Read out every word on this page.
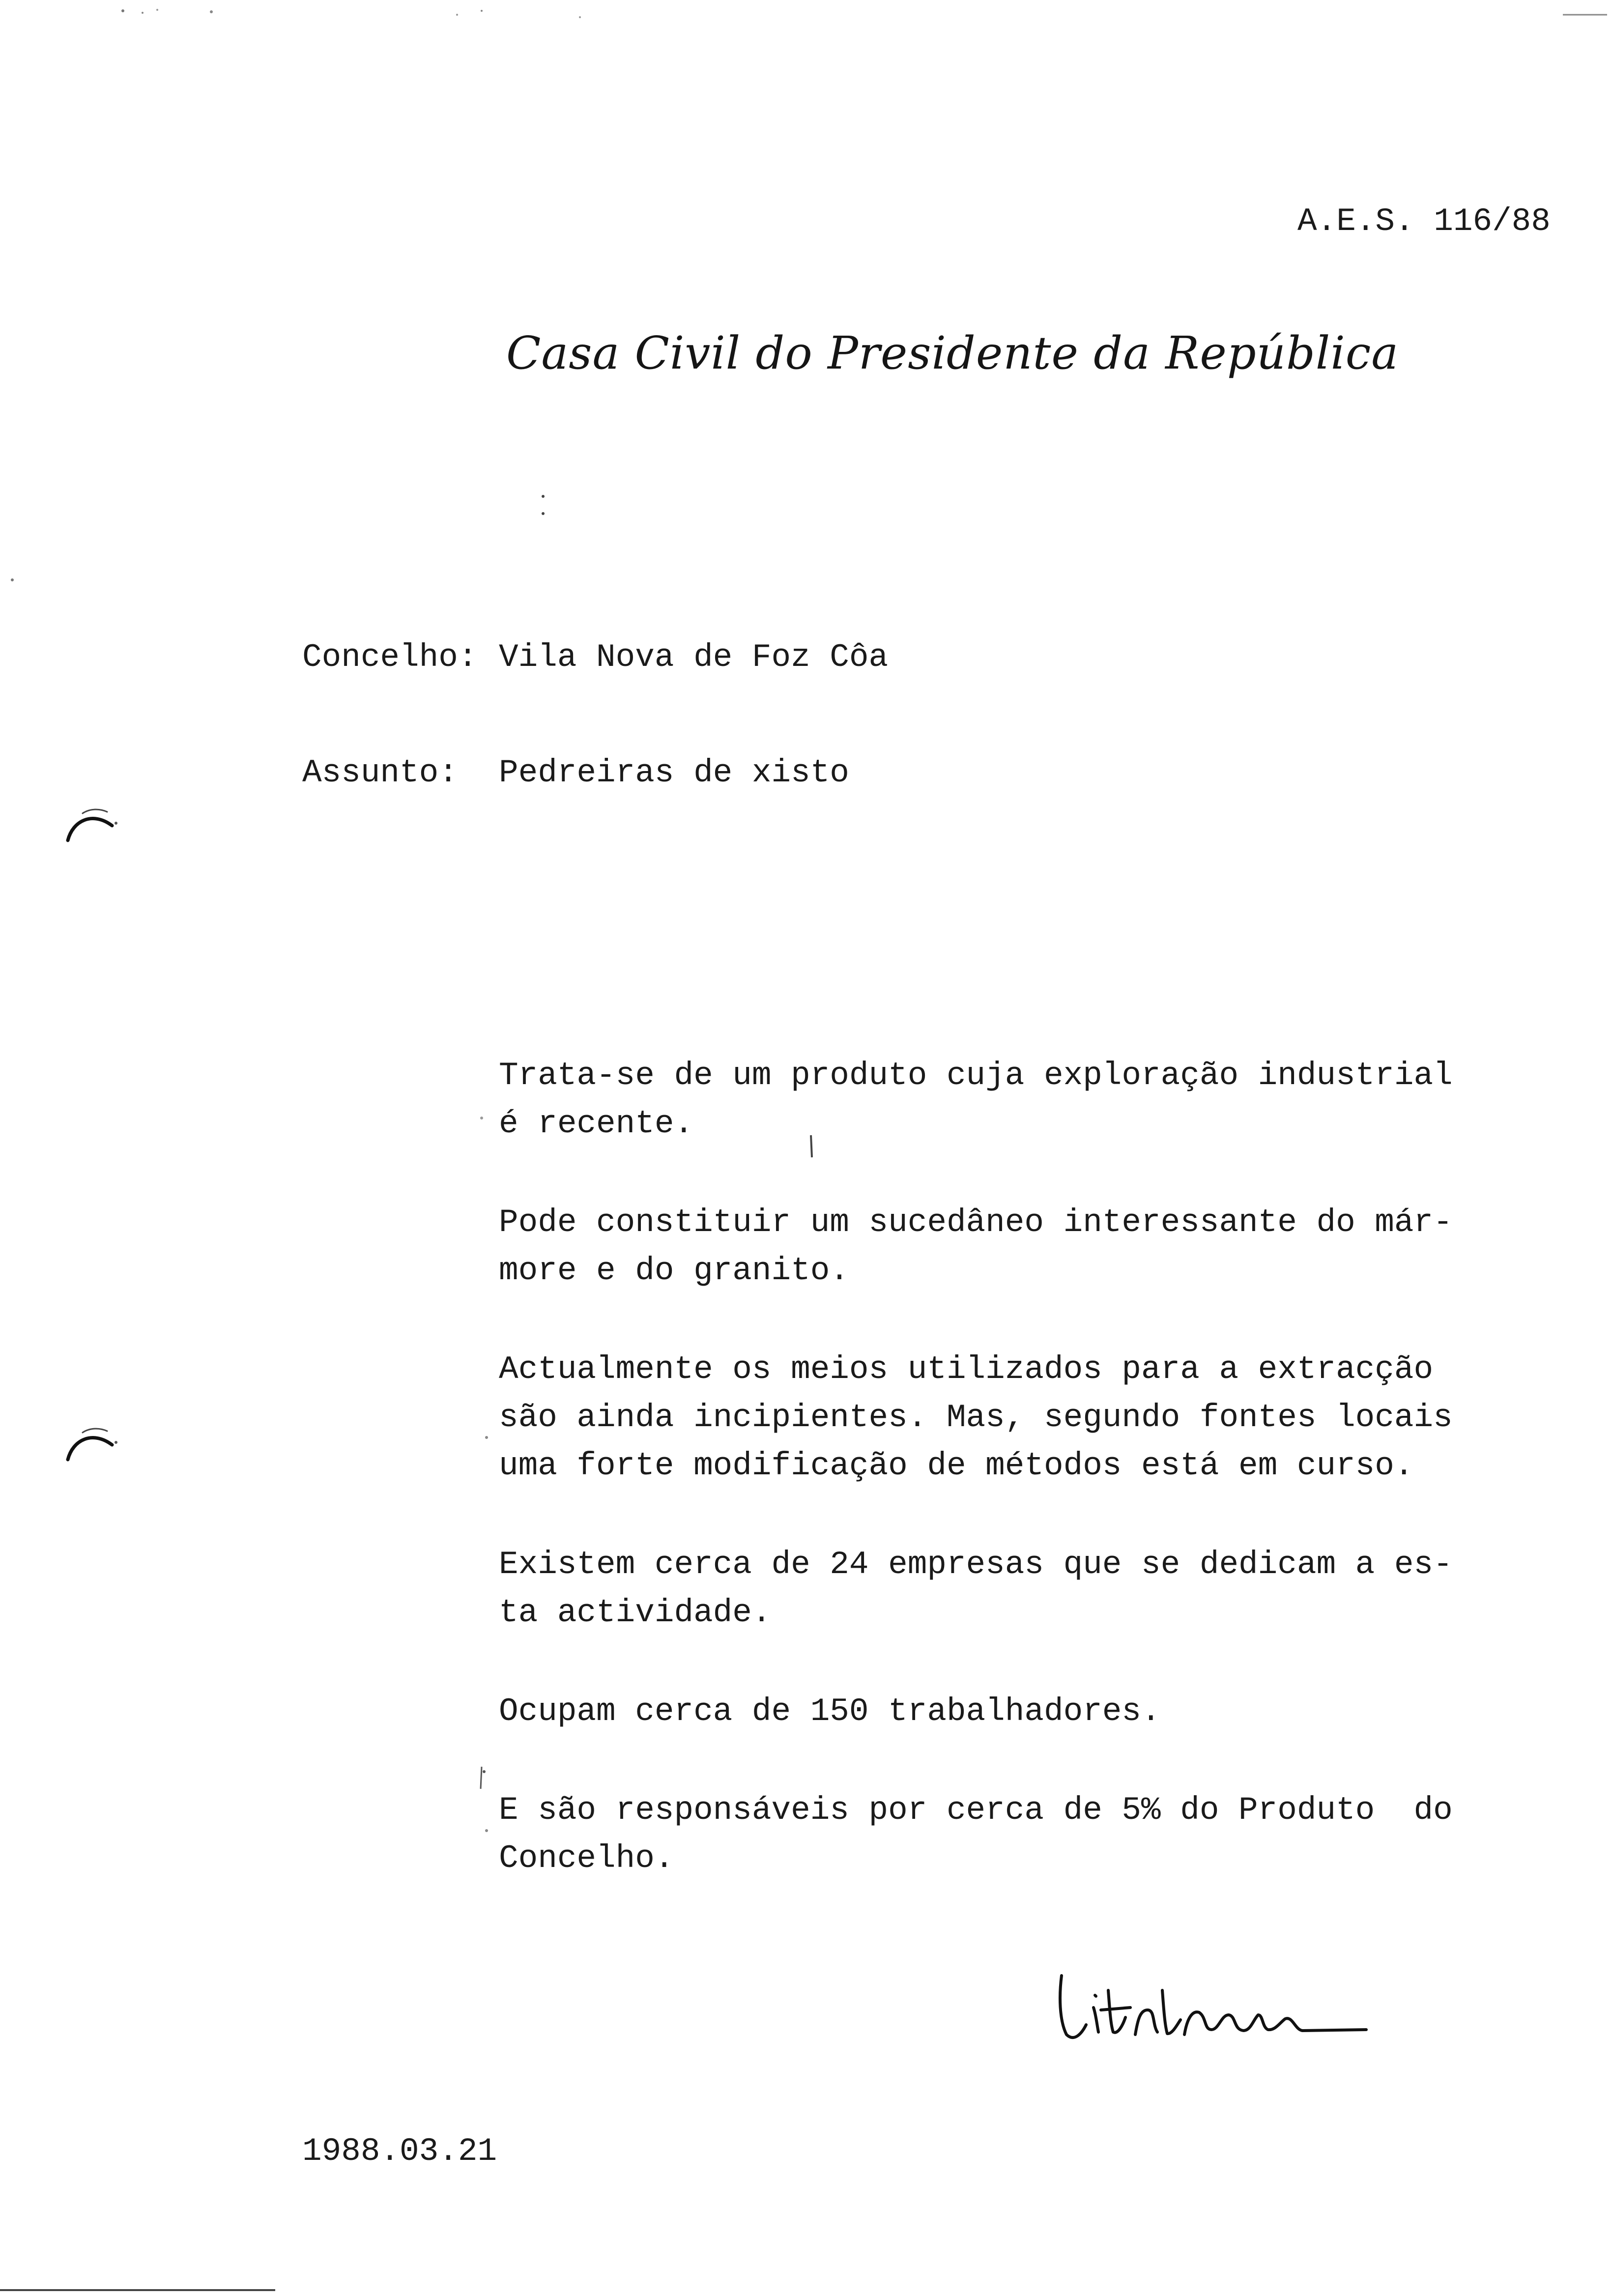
A.E.S. 116/88
Casa Civil do Presidente da República
Concelho: Vila Nova de Foz Côa
Assunto: Pedreiras de xisto

Trata-se de um produto cuja exploração industrial
é recente.

Pode constituir um sucedâneo interessante do már-
more e do granito.

Actualmente os meios utilizados para a extracção
são ainda incipientes. Mas, segundo fontes locais
uma forte modificação de métodos está em curso.

Existem cerca de 24 empresas que se dedicam a es-
ta actividade.

Ocupam cerca de 150 trabalhadores.

E são responsáveis por cerca de 5% do Produto  do
Concelho.

1988.03.21
